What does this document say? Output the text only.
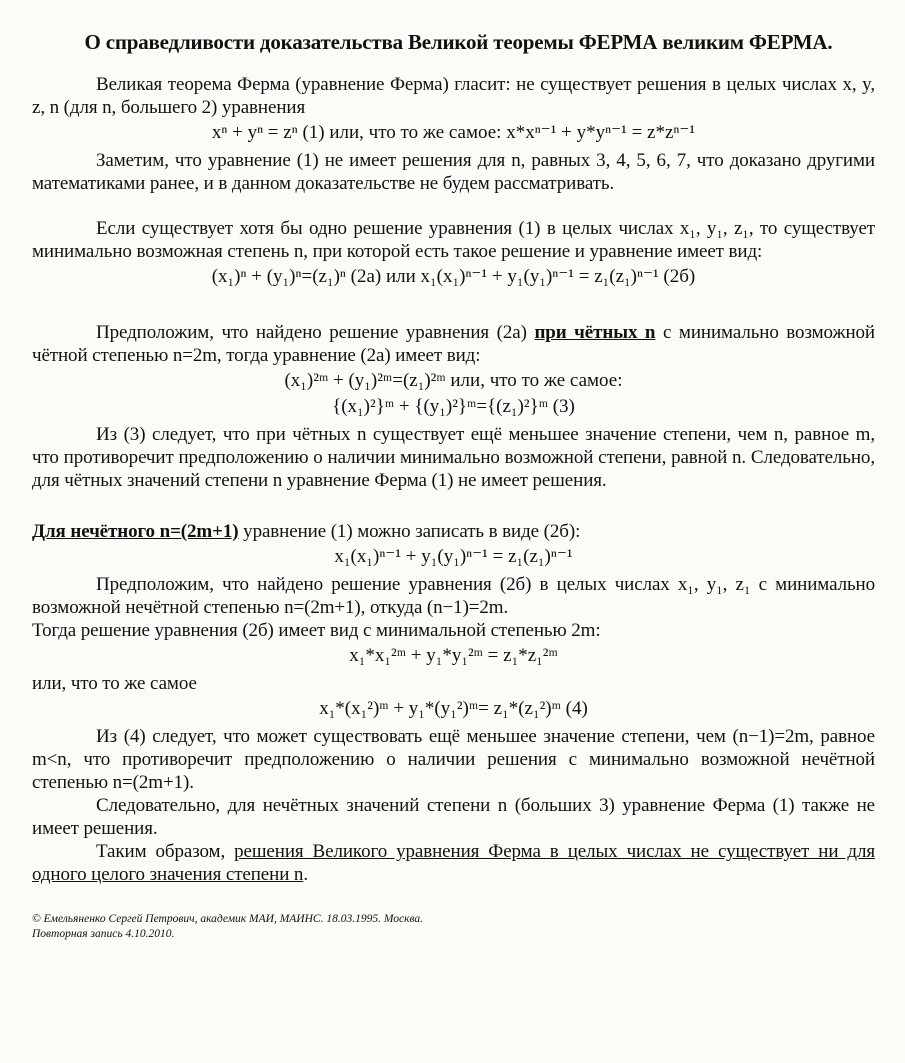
О справедливости доказательства Великой теоремы ФЕРМА великим ФЕРМА.

Великая теорема Ферма (уравнение Ферма) гласит: не существует решения в целых числах x, y, z, n (для n, большего 2) уравнения

xⁿ + yⁿ = zⁿ (1) или, что то же самое: x*xⁿ⁻¹ + y*yⁿ⁻¹ = z*zⁿ⁻¹

Заметим, что уравнение (1) не имеет решения для n, равных 3, 4, 5, 6, 7, что доказано другими математиками ранее, и в данном доказательстве не будем рассматривать.

Если существует хотя бы одно решение уравнения (1) в целых числах x₁, y₁, z₁, то существует минимально возможная степень n, при которой есть такое решение и уравнение имеет вид:

(x₁)ⁿ + (y₁)ⁿ=(z₁)ⁿ (2а) или x₁(x₁)ⁿ⁻¹ + y₁(y₁)ⁿ⁻¹ = z₁(z₁)ⁿ⁻¹ (2б)

Предположим, что найдено решение уравнения (2а) при чётных n с минимально возможной чётной степенью n=2m, тогда уравнение (2а) имеет вид:

(x₁)²ᵐ + (y₁)²ᵐ=(z₁)²ᵐ или, что то же самое:
{(x₁)²}ᵐ + {(y₁)²}ᵐ={(z₁)²}ᵐ (3)

Из (3) следует, что при чётных n существует ещё меньшее значение степени, чем n, равное m, что противоречит предположению о наличии минимально возможной степени, равной n. Следовательно, для чётных значений степени n уравнение Ферма (1) не имеет решения.

Для нечётного n=(2m+1) уравнение (1) можно записать в виде (2б):

x₁(x₁)ⁿ⁻¹ + y₁(y₁)ⁿ⁻¹ = z₁(z₁)ⁿ⁻¹

Предположим, что найдено решение уравнения (2б) в целых числах x₁, y₁, z₁ с минимально возможной нечётной степенью n=(2m+1), откуда (n−1)=2m.

Тогда решение уравнения (2б) имеет вид с минимальной степенью 2m:

x₁*x₁²ᵐ + y₁*y₁²ᵐ = z₁*z₁²ᵐ

или, что то же самое

x₁*(x₁²)ᵐ + y₁*(y₁²)ᵐ= z₁*(z₁²)ᵐ (4)

Из (4) следует, что может существовать ещё меньшее значение степени, чем (n−1)=2m, равное m<n, что противоречит предположению о наличии решения с минимально возможной нечётной степенью n=(2m+1).

Следовательно, для нечётных значений степени n (больших 3) уравнение Ферма (1) также не имеет решения.

Таким образом, решения Великого уравнения Ферма в целых числах не существует ни для одного целого значения степени n.

© Емельяненко Сергей Петрович, академик МАИ, МАИНС. 18.03.1995. Москва.
Повторная запись 4.10.2010.
